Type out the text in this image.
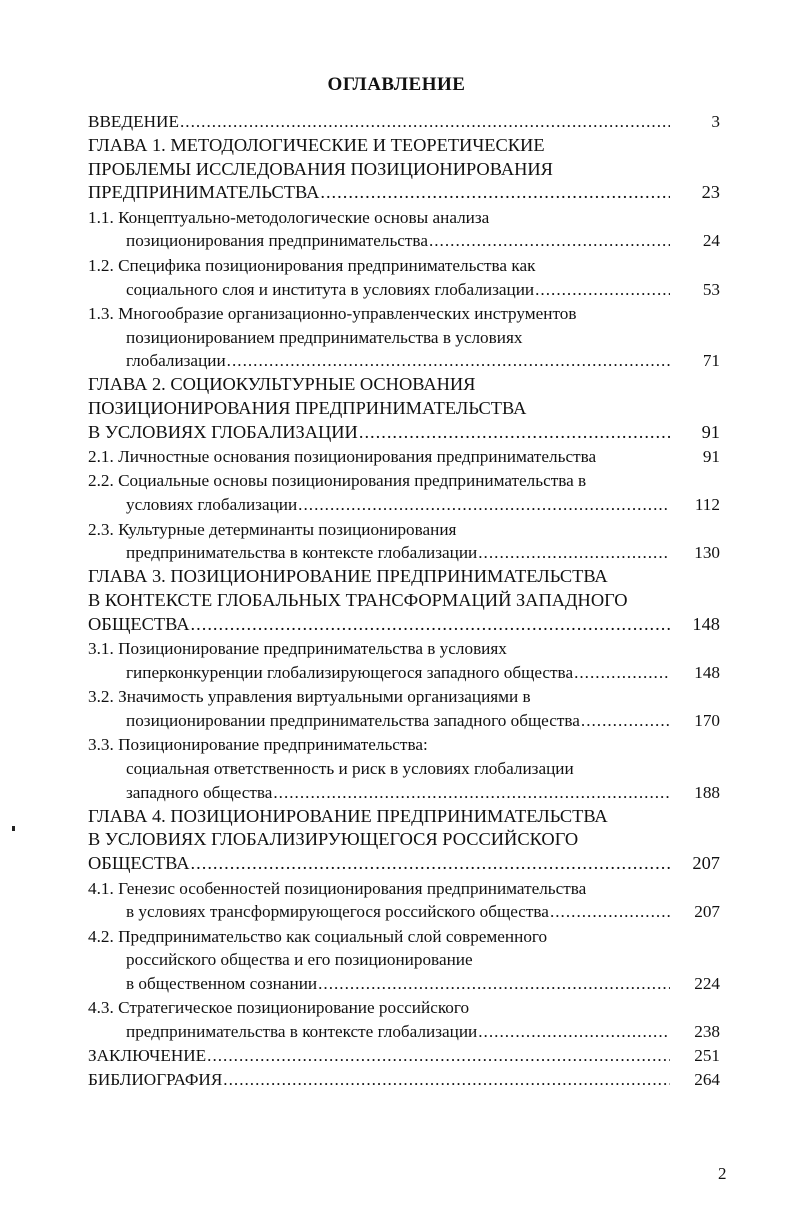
ОГЛАВЛЕНИЕ
ВВЕДЕНИЕ .....	3
ГЛАВА 1. МЕТОДОЛОГИЧЕСКИЕ И ТЕОРЕТИЧЕСКИЕ
ПРОБЛЕМЫ ИССЛЕДОВАНИЯ ПОЗИЦИОНИРОВАНИЯ
ПРЕДПРИНИМАТЕЛЬСТВА .....	23
1.1. Концептуально-методологические основы анализа
позиционирования предпринимательства .....	24
1.2. Специфика позиционирования предпринимательства как
социального слоя и института в условиях глобализации .....	53
1.3. Многообразие организационно-управленческих инструментов
позиционированием предпринимательства в условиях
глобализации .....	71
ГЛАВА 2. СОЦИОКУЛЬТУРНЫЕ ОСНОВАНИЯ
ПОЗИЦИОНИРОВАНИЯ ПРЕДПРИНИМАТЕЛЬСТВА
В УСЛОВИЯХ ГЛОБАЛИЗАЦИИ .....	91
2.1. Личностные основания позиционирования предпринимательства	91
2.2. Социальные основы позиционирования предпринимательства в
условиях глобализации .....	112
2.3. Культурные детерминанты позиционирования
предпринимательства в контексте глобализации .....	130
ГЛАВА 3. ПОЗИЦИОНИРОВАНИЕ ПРЕДПРИНИМАТЕЛЬСТВА
В КОНТЕКСТЕ ГЛОБАЛЬНЫХ ТРАНСФОРМАЦИЙ ЗАПАДНОГО
ОБЩЕСТВА .....	148
3.1. Позиционирование предпринимательства в условиях
гиперконкуренции глобализирующегося западного общества .....	148
3.2. Значимость управления виртуальными организациями в
позиционировании предпринимательства западного общества .....	170
3.3. Позиционирование предпринимательства:
социальная ответственность и риск в условиях глобализации
западного общества .....	188
ГЛАВА 4. ПОЗИЦИОНИРОВАНИЕ ПРЕДПРИНИМАТЕЛЬСТВА
В УСЛОВИЯХ ГЛОБАЛИЗИРУЮЩЕГОСЯ РОССИЙСКОГО
ОБЩЕСТВА .....	207
4.1. Генезис особенностей позиционирования предпринимательства
в условиях трансформирующегося российского общества .....	207
4.2. Предпринимательство как социальный слой современного
российского общества и его позиционирование
в общественном сознании .....	224
4.3. Стратегическое позиционирование российского
предпринимательства в контексте глобализации .....	238
ЗАКЛЮЧЕНИЕ .....	251
БИБЛИОГРАФИЯ .....	264
2
